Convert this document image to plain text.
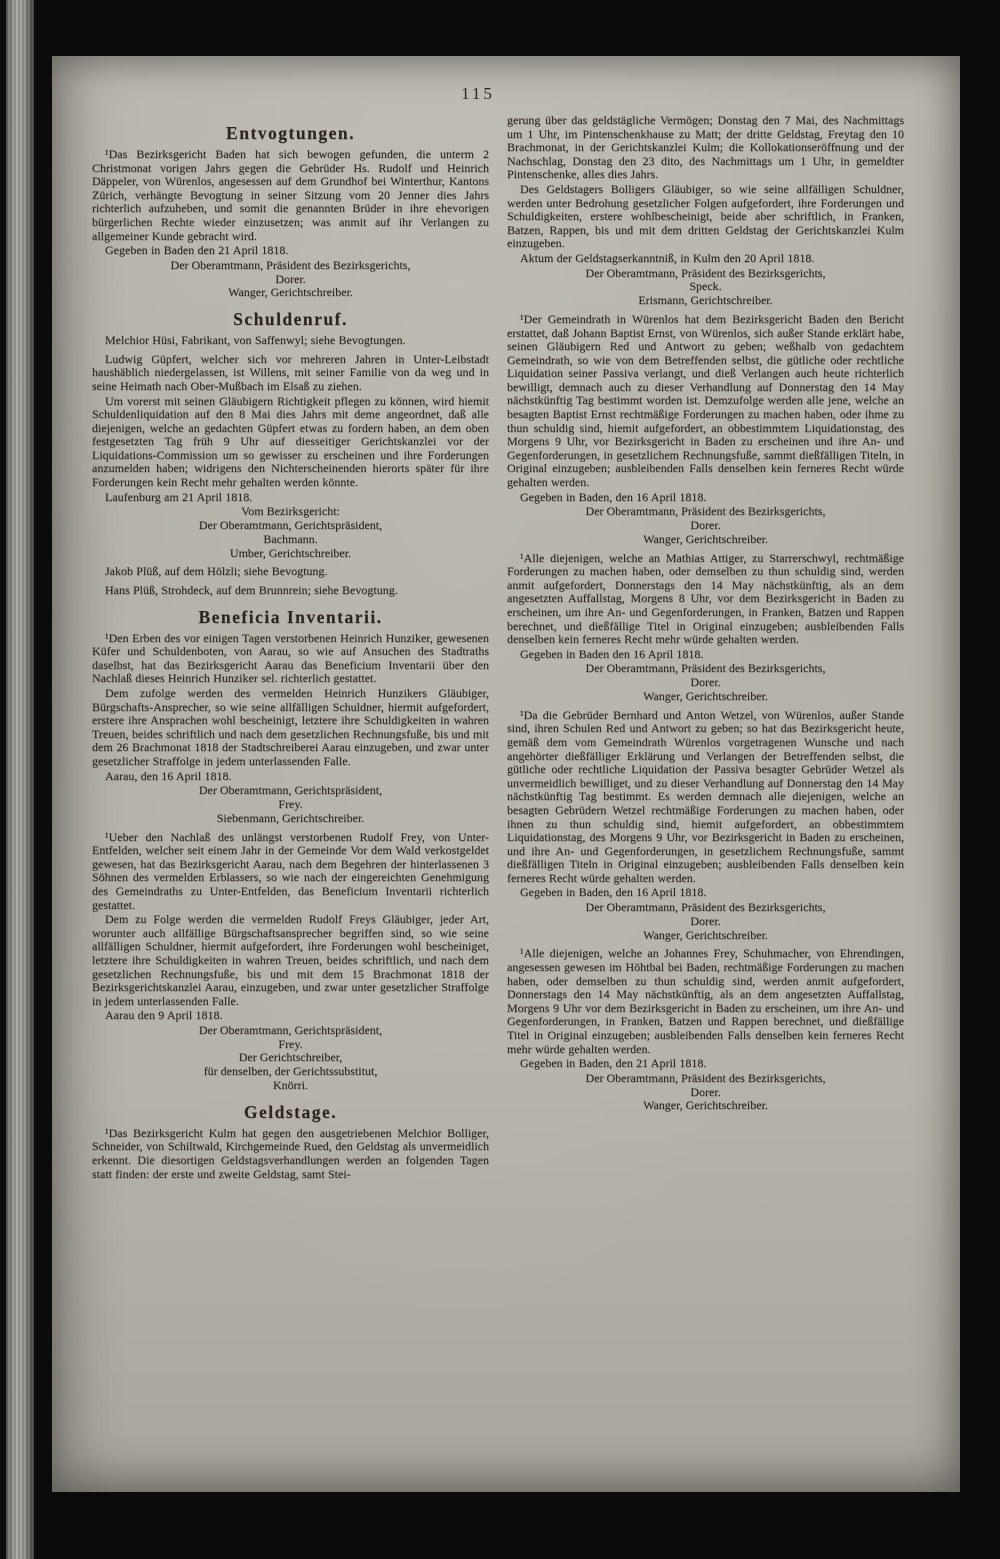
115
Entvogtungen.
¹Das Bezirksgericht Baden hat sich bewogen gefunden, die unterm 2 Christmonat vorigen Jahrs gegen die Gebrüder Hs. Rudolf und Heinrich Däppeler, von Würenlos, angesessen auf dem Grundhof bei Winterthur, Kantons Zürich, verhängte Bevogtung in seiner Sitzung vom 20 Jenner dies Jahrs richterlich aufzuheben, und somit die genannten Brüder in ihre ehevorigen bürgerlichen Rechte wieder einzusetzen; was anmit auf ihr Verlangen zu allgemeiner Kunde gebracht wird.
Gegeben in Baden den 21 April 1818.
Der Oberamtmann, Präsident des Bezirksgerichts,
Dorer.
Wanger, Gerichtschreiber.
Schuldenruf.
Melchior Hüsi, Fabrikant, von Saffenwyl; siehe Bevogtungen.
Ludwig Güpfert, welcher sich vor mehreren Jahren in Unter-Leibstadt haushäblich niedergelassen, ist Willens, mit seiner Familie von da weg und in seine Heimath nach Ober-Mußbach im Elsaß zu ziehen.
Um vorerst mit seinen Gläubigern Richtigkeit pflegen zu können, wird hiemit Schuldenliquidation auf den 8 Mai dies Jahrs mit deme angeordnet, daß alle diejenigen, welche an gedachten Güpfert etwas zu fordern haben, an dem oben festgesetzten Tag früh 9 Uhr auf diesseitiger Gerichtskanzlei vor der Liquidations-Commission um so gewisser zu erscheinen und ihre Forderungen anzumelden haben; widrigens den Nichterscheinenden hierorts später für ihre Forderungen kein Recht mehr gehalten werden könnte.
Laufenburg am 21 April 1818.
Vom Bezirksgericht:
Der Oberamtmann, Gerichtspräsident,
Bachmann.
Umber, Gerichtschreiber.
Jakob Plüß, auf dem Hölzli; siehe Bevogtung.
Hans Plüß, Strohdeck, auf dem Brunnrein; siehe Bevogtung.
Beneficia Inventarii.
¹Den Erben des vor einigen Tagen verstorbenen Heinrich Hunziker, gewesenen Küfer und Schuldenboten, von Aarau, so wie auf Ansuchen des Stadtraths daselbst, hat das Bezirksgericht Aarau das Beneficium Inventarii über den Nachlaß dieses Heinrich Hunziker sel. richterlich gestattet.
Dem zufolge werden des vermelden Heinrich Hunzikers Gläubiger, Bürgschafts-Ansprecher, so wie seine allfälligen Schuldner, hiermit aufgefordert, erstere ihre Ansprachen wohl bescheinigt, letztere ihre Schuldigkeiten in wahren Treuen, beides schriftlich und nach dem gesetzlichen Rechnungsfuße, bis und mit dem 26 Brachmonat 1818 der Stadtschreiberei Aarau einzugeben, und zwar unter gesetzlicher Straffolge in jedem unterlassenden Falle.
Aarau, den 16 April 1818.
Der Oberamtmann, Gerichtspräsident,
Frey.
Siebenmann, Gerichtschreiber.
¹Ueber den Nachlaß des unlängst verstorbenen Rudolf Frey, von Unter-Entfelden, welcher seit einem Jahr in der Gemeinde Vor dem Wald verkostgeldet gewesen, hat das Bezirksgericht Aarau, nach dem Begehren der hinterlassenen 3 Söhnen des vermelden Erblassers, so wie nach der eingereichten Genehmigung des Gemeindraths zu Unter-Entfelden, das Beneficium Inventarii richterlich gestattet.
Dem zu Folge werden die vermelden Rudolf Freys Gläubiger, jeder Art, worunter auch allfällige Bürgschaftsansprecher begriffen sind, so wie seine allfälligen Schuldner, hiermit aufgefordert, ihre Forderungen wohl bescheiniget, letztere ihre Schuldigkeiten in wahren Treuen, beides schriftlich, und nach dem gesetzlichen Rechnungsfuße, bis und mit dem 15 Brachmonat 1818 der Bezirksgerichtskanzlei Aarau, einzugeben, und zwar unter gesetzlicher Straffolge in jedem unterlassenden Falle.
Aarau den 9 April 1818.
Der Oberamtmann, Gerichtspräsident,
Frey.
Der Gerichtschreiber,
für denselben, der Gerichtssubstitut,
Knörri.
Geldstage.
¹Das Bezirksgericht Kulm hat gegen den ausgetriebenen Melchior Bolliger, Schneider, von Schiltwald, Kirchgemeinde Rued, den Geldstag als unvermeidlich erkennt. Die diesortigen Geldstagsverhandlungen werden an folgenden Tagen statt finden: der erste und zweite Geldstag, samt Stei-
gerung über das geldstägliche Vermögen; Donstag den 7 Mai, des Nachmittags um 1 Uhr, im Pintenschenkhause zu Matt; der dritte Geldstag, Freytag den 10 Brachmonat, in der Gerichtskanzlei Kulm; die Kollokationseröffnung und der Nachschlag, Donstag den 23 dito, des Nachmittags um 1 Uhr, in gemeldter Pintenschenke, alles dies Jahrs.
Des Geldstagers Bolligers Gläubiger, so wie seine allfälligen Schuldner, werden unter Bedrohung gesetzlicher Folgen aufgefordert, ihre Forderungen und Schuldigkeiten, erstere wohlbescheinigt, beide aber schriftlich, in Franken, Batzen, Rappen, bis und mit dem dritten Geldstag der Gerichtskanzlei Kulm einzugeben.
Aktum der Geldstagserkanntniß, in Kulm den 20 April 1818.
Der Oberamtmann, Präsident des Bezirksgerichts,
Speck.
Erismann, Gerichtschreiber.
¹Der Gemeindrath in Würenlos hat dem Bezirksgericht Baden den Bericht erstattet, daß Johann Baptist Ernst, von Würenlos, sich außer Stande erklärt habe, seinen Gläubigern Red und Antwort zu geben; weßhalb von gedachtem Gemeindrath, so wie von dem Betreffenden selbst, die gütliche oder rechtliche Liquidation seiner Passiva verlangt, und dieß Verlangen auch heute richterlich bewilligt, demnach auch zu dieser Verhandlung auf Donnerstag den 14 May nächstkünftig Tag bestimmt worden ist. Demzufolge werden alle jene, welche an besagten Baptist Ernst rechtmäßige Forderungen zu machen haben, oder ihme zu thun schuldig sind, hiemit aufgefordert, an obbestimmtem Liquidationstag, des Morgens 9 Uhr, vor Bezirksgericht in Baden zu erscheinen und ihre An- und Gegenforderungen, in gesetzlichem Rechnungsfuße, sammt dießfälligen Titeln, in Original einzugeben; ausbleibenden Falls denselben kein ferneres Recht würde gehalten werden.
Gegeben in Baden, den 16 April 1818.
Der Oberamtmann, Präsident des Bezirksgerichts,
Dorer.
Wanger, Gerichtschreiber.
¹Alle diejenigen, welche an Mathias Attiger, zu Starrerschwyl, rechtmäßige Forderungen zu machen haben, oder demselben zu thun schuldig sind, werden anmit aufgefordert, Donnerstags den 14 May nächstkünftig, als an dem angesetzten Auffallstag, Morgens 8 Uhr, vor dem Bezirksgericht in Baden zu erscheinen, um ihre An- und Gegenforderungen, in Franken, Batzen und Rappen berechnet, und dießfällige Titel in Original einzugeben; ausbleibenden Falls denselben kein ferneres Recht mehr würde gehalten werden.
Gegeben in Baden den 16 April 1818.
Der Oberamtmann, Präsident des Bezirksgerichts,
Dorer.
Wanger, Gerichtschreiber.
¹Da die Gebrüder Bernhard und Anton Wetzel, von Würenlos, außer Stande sind, ihren Schulen Red und Antwort zu geben; so hat das Bezirksgericht heute, gemäß dem vom Gemeindrath Würenlos vorgetragenen Wunsche und nach angehörter dießfälliger Erklärung und Verlangen der Betreffenden selbst, die gütliche oder rechtliche Liquidation der Passiva besagter Gebrüder Wetzel als unvermeidlich bewilliget, und zu dieser Verhandlung auf Donnerstag den 14 May nächstkünftig Tag bestimmt. Es werden demnach alle diejenigen, welche an besagten Gebrüdern Wetzel rechtmäßige Forderungen zu machen haben, oder ihnen zu thun schuldig sind, hiemit aufgefordert, an obbestimmtem Liquidationstag, des Morgens 9 Uhr, vor Bezirksgericht in Baden zu erscheinen, und ihre An- und Gegenforderungen, in gesetzlichem Rechnungsfuße, sammt dießfälligen Titeln in Original einzugeben; ausbleibenden Falls denselben kein ferneres Recht würde gehalten werden.
Gegeben in Baden, den 16 April 1818.
Der Oberamtmann, Präsident des Bezirksgerichts,
Dorer.
Wanger, Gerichtschreiber.
¹Alle diejenigen, welche an Johannes Frey, Schuhmacher, von Ehrendingen, angesessen gewesen im Höhtbal bei Baden, rechtmäßige Forderungen zu machen haben, oder demselben zu thun schuldig sind, werden anmit aufgefordert, Donnerstags den 14 May nächstkünftig, als an dem angesetzten Auffallstag, Morgens 9 Uhr vor dem Bezirksgericht in Baden zu erscheinen, um ihre An- und Gegenforderungen, in Franken, Batzen und Rappen berechnet, und dießfällige Titel in Original einzugeben; ausbleibenden Falls denselben kein ferneres Recht mehr würde gehalten werden.
Gegeben in Baden, den 21 April 1818.
Der Oberamtmann, Präsident des Bezirksgerichts,
Dorer.
Wanger, Gerichtschreiber.
